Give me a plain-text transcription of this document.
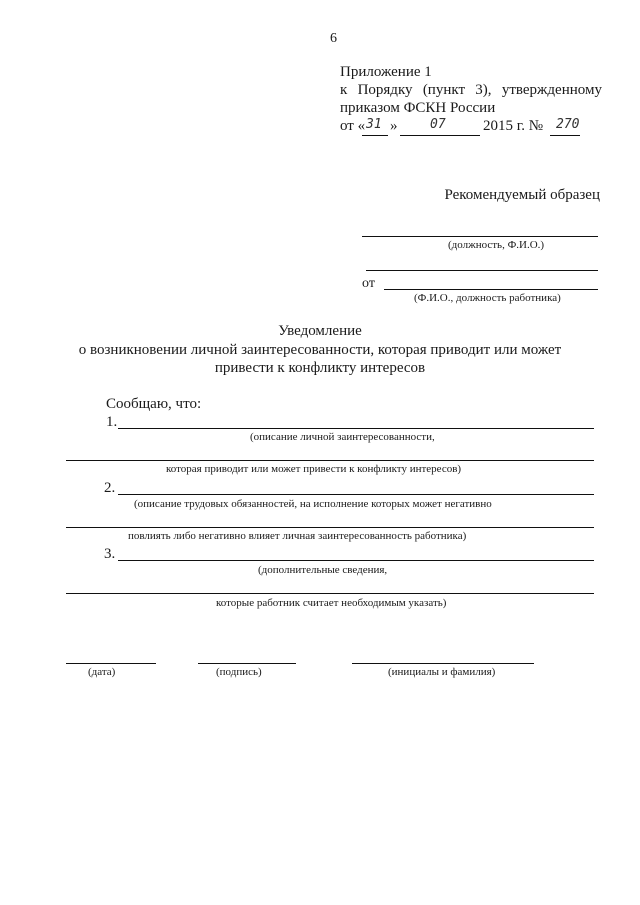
6
Приложение 1
к Порядку (пункт 3), утвержденному
приказом ФСКН России
от « 31 »	07 2015 г. № 270
Рекомендуемый образец
(должность, Ф.И.О.)
от
(Ф.И.О., должность работника)
Уведомление
о возникновении личной заинтересованности, которая приводит или может
привести к конфликту интересов
Сообщаю, что:
1.
(описание личной заинтересованности,
которая приводит или может привести к конфликту интересов)
2.
(описание трудовых обязанностей, на исполнение которых может негативно
повлиять либо негативно влияет личная заинтересованность работника)
3.
(дополнительные сведения,
которые работник считает необходимым указать)
(дата)	(подпись)	(инициалы и фамилия)
